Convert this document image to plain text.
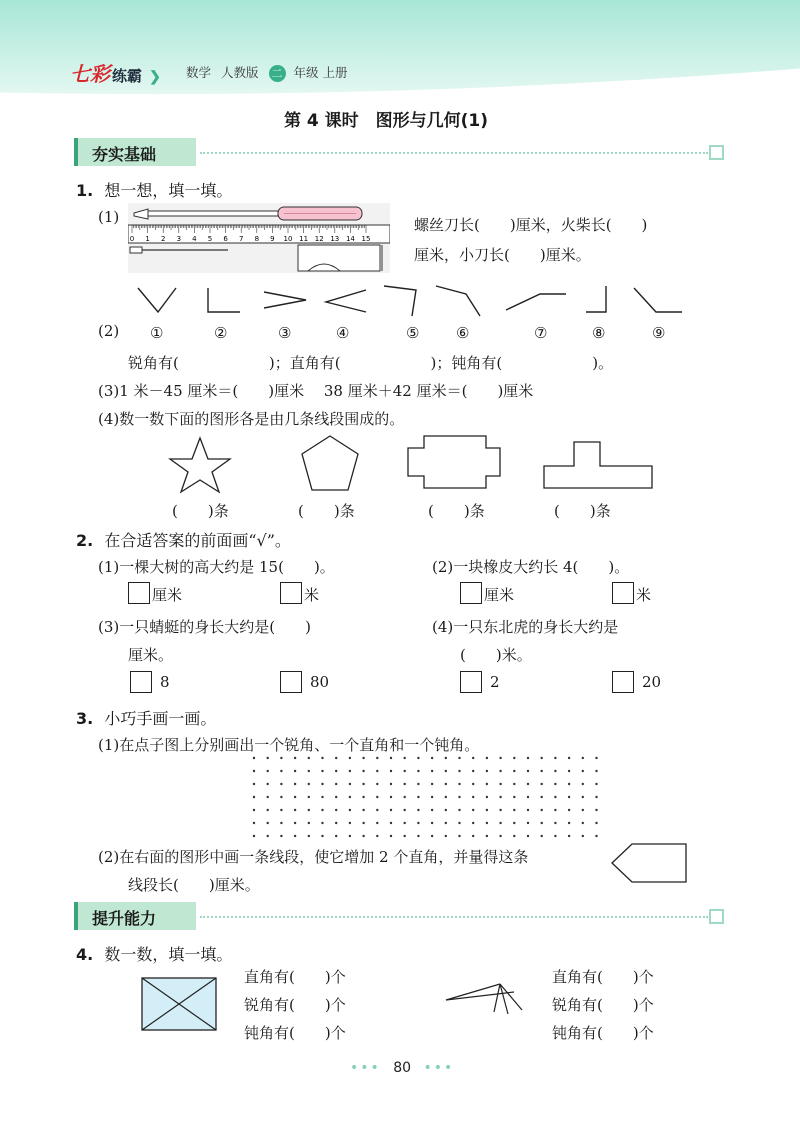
七彩 练霸 ❯ 数学 人教版 二 年级 上册
第 4 课时　图形与几何(1)
夯实基础
1. 想一想，填一填。
(1)
0 1 2 3 4 5 6 7 8 9 10 11 12 13 14 15
螺丝刀长(　　)厘米，火柴长(　　)
厘米，小刀长(　　)厘米。
(2) ①	②	③	④	⑤ ⑥	⑦	⑧	⑨
锐角有(　　　　　　)；直角有(　　　　　　)；钝角有(　　　　　　)。
(3)1 米－45 厘米＝(　　)厘米　 38 厘米＋42 厘米＝(　　)厘米
(4)数一数下面的图形各是由几条线段围成的。
(　　)条	(　　)条	(　　)条	(　　)条
2. 在合适答案的前面画“√”。
(1)一棵大树的高大约是 15(　　)。	(2)一块橡皮大约长 4(　　)。
厘米	米	厘米	米
(3)一只蜻蜓的身长大约是(　　)
厘米。
(4)一只东北虎的身长大约是
(　　)米。
8	80	2	20
3. 小巧手画一画。
(1)在点子图上分别画出一个锐角、一个直角和一个钝角。
(2)在右面的图形中画一条线段，使它增加 2 个直角，并量得这条
线段长(　　)厘米。
提升能力
4. 数一数，填一填。
直角有(　　)个
锐角有(　　)个
钝角有(　　)个
直角有(　　)个
锐角有(　　)个
钝角有(　　)个
••• 80 •••
